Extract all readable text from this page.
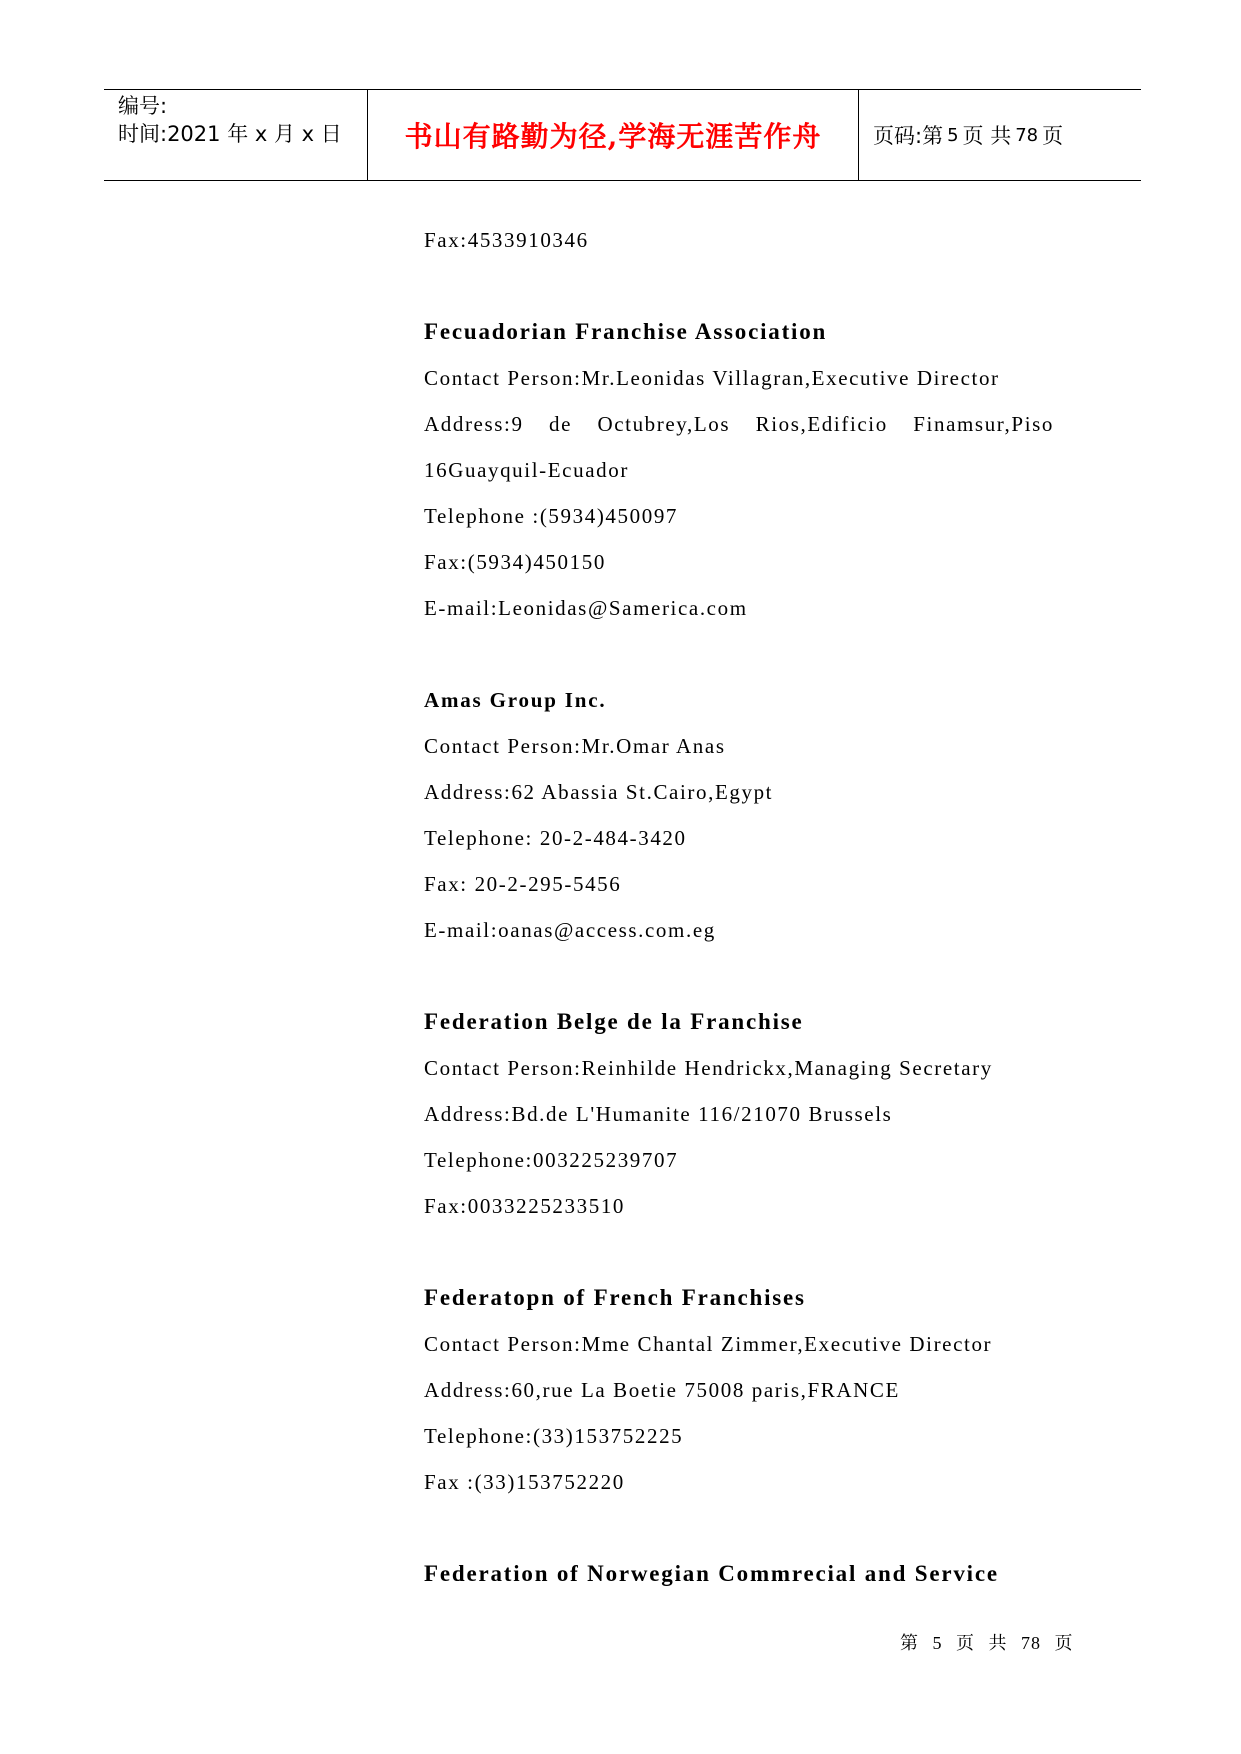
编号:
时间:2021 年 x 月 x 日	书山有路勤为径,学海无涯苦作舟 页码:第 5 页 共 78 页
Fax:4533910346
Fecuadorian Franchise Association
Contact Person:Mr.Leonidas Villagran,Executive Director
Address:9 de Octubrey,Los Rios,Edificio Finamsur,Piso
16Guayquil-Ecuador
Telephone :(5934)450097
Fax:(5934)450150
E-mail:Leonidas@Samerica.com
Amas Group Inc.
Contact Person:Mr.Omar Anas
Address:62 Abassia St.Cairo,Egypt
Telephone: 20-2-484-3420
Fax: 20-2-295-5456
E-mail:oanas@access.com.eg
Federation Belge de la Franchise
Contact Person:Reinhilde Hendrickx,Managing Secretary
Address:Bd.de L'Humanite 116/21070 Brussels
Telephone:003225239707
Fax:0033225233510
Federatopn of French Franchises
Contact Person:Mme Chantal Zimmer,Executive Director
Address:60,rue La Boetie 75008 paris,FRANCE
Telephone:(33)153752225
Fax :(33)153752220
Federation of Norwegian Commrecial and Service
第 5 页 共 78 页
